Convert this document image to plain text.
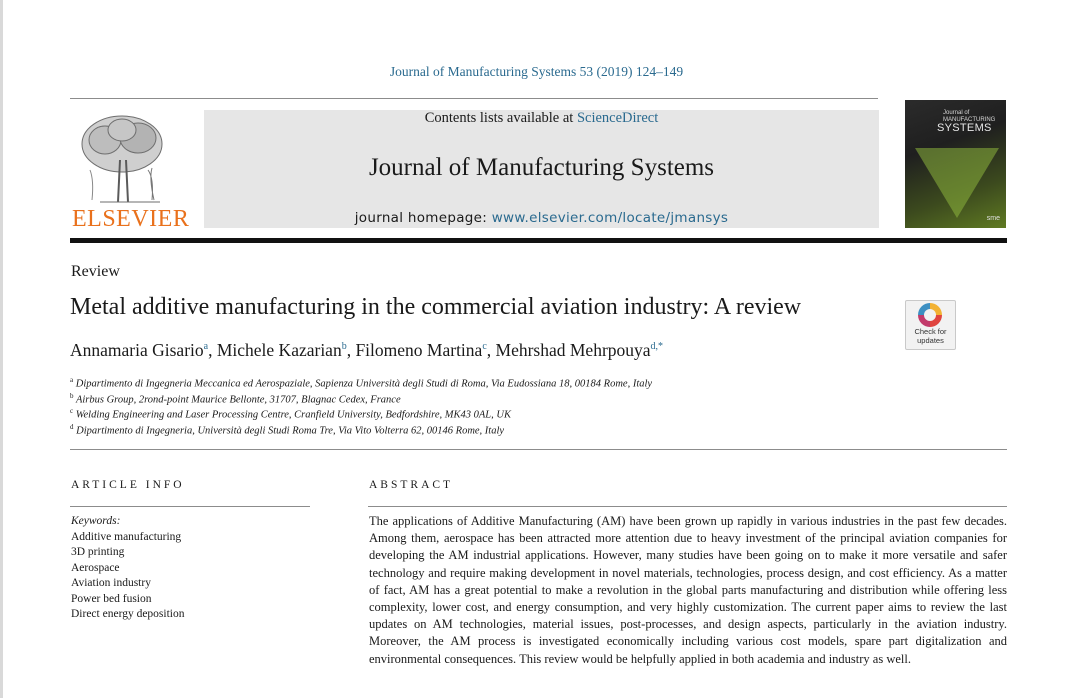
Journal of Manufacturing Systems 53 (2019) 124–149
ELSEVIER
Contents lists available at ScienceDirect
Journal of Manufacturing Systems
journal homepage: www.elsevier.com/locate/jmansys
Journal of MANUFACTURING
SYSTEMS
sme
Review
Metal additive manufacturing in the commercial aviation industry: A review
Check for
updates
Annamaria Gisario$^a$, Michele Kazarian$^b$, Filomeno Martina$^c$, Mehrshad Mehrpouya$^{d,*}$
$^a$ Dipartimento di Ingegneria Meccanica ed Aerospaziale, Sapienza Università degli Studi di Roma, Via Eudossiana 18, 00184 Rome, Italy
$^b$ Airbus Group, 2rond-point Maurice Bellonte, 31707, Blagnac Cedex, France
$^c$ Welding Engineering and Laser Processing Centre, Cranfield University, Bedfordshire, MK43 0AL, UK
$^d$ Dipartimento di Ingegneria, Università degli Studi Roma Tre, Via Vito Volterra 62, 00146 Rome, Italy
ARTICLE INFO	ABSTRACT
Keywords:
Additive manufacturing
3D printing
Aerospace
Aviation industry
Power bed fusion
Direct energy deposition
The applications of Additive Manufacturing (AM) have been grown up rapidly in various industries in the past few decades. Among them, aerospace has been attracted more attention due to heavy investment of the principal aviation companies for developing the AM industrial applications. However, many studies have been going on to make it more versatile and safer technology and require making development in novel materials, technologies, process design, and cost efficiency. As a matter of fact, AM has a great potential to make a revolution in the global parts manufacturing and distribution while offering less complexity, lower cost, and energy consumption, and very highly customization. The current paper aims to review the last updates on AM technologies, material issues, post-processes, and design aspects, particularly in the aviation industry. Moreover, the AM process is investigated economically including various cost models, spare part digitalization and environmental consequences. This review would be helpfully applied in both academia and industry as well.
